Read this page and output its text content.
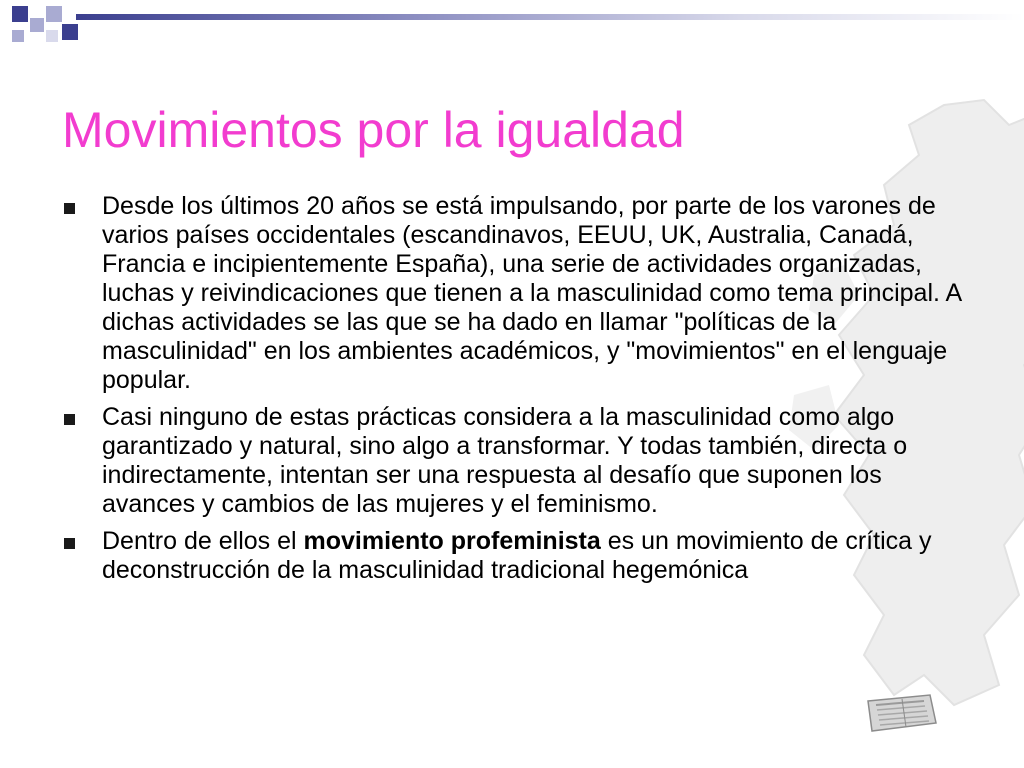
Movimientos por la igualdad
Desde los últimos 20 años se está impulsando, por parte de los varones de varios países occidentales (escandinavos, EEUU, UK, Australia, Canadá, Francia e incipientemente España), una serie de actividades organizadas, luchas y reivindicaciones que tienen a la masculinidad como tema principal. A dichas actividades se las que se ha dado en llamar "políticas de la masculinidad" en los ambientes académicos, y "movimientos" en el lenguaje popular.
Casi ninguno de estas prácticas considera a la masculinidad como algo garantizado y natural, sino algo a transformar. Y todas también, directa o indirectamente, intentan ser una respuesta al desafío que suponen los avances y cambios de las mujeres y el feminismo.
Dentro de ellos el movimiento profeminista es un movimiento de crítica y deconstrucción de la masculinidad tradicional hegemónica
